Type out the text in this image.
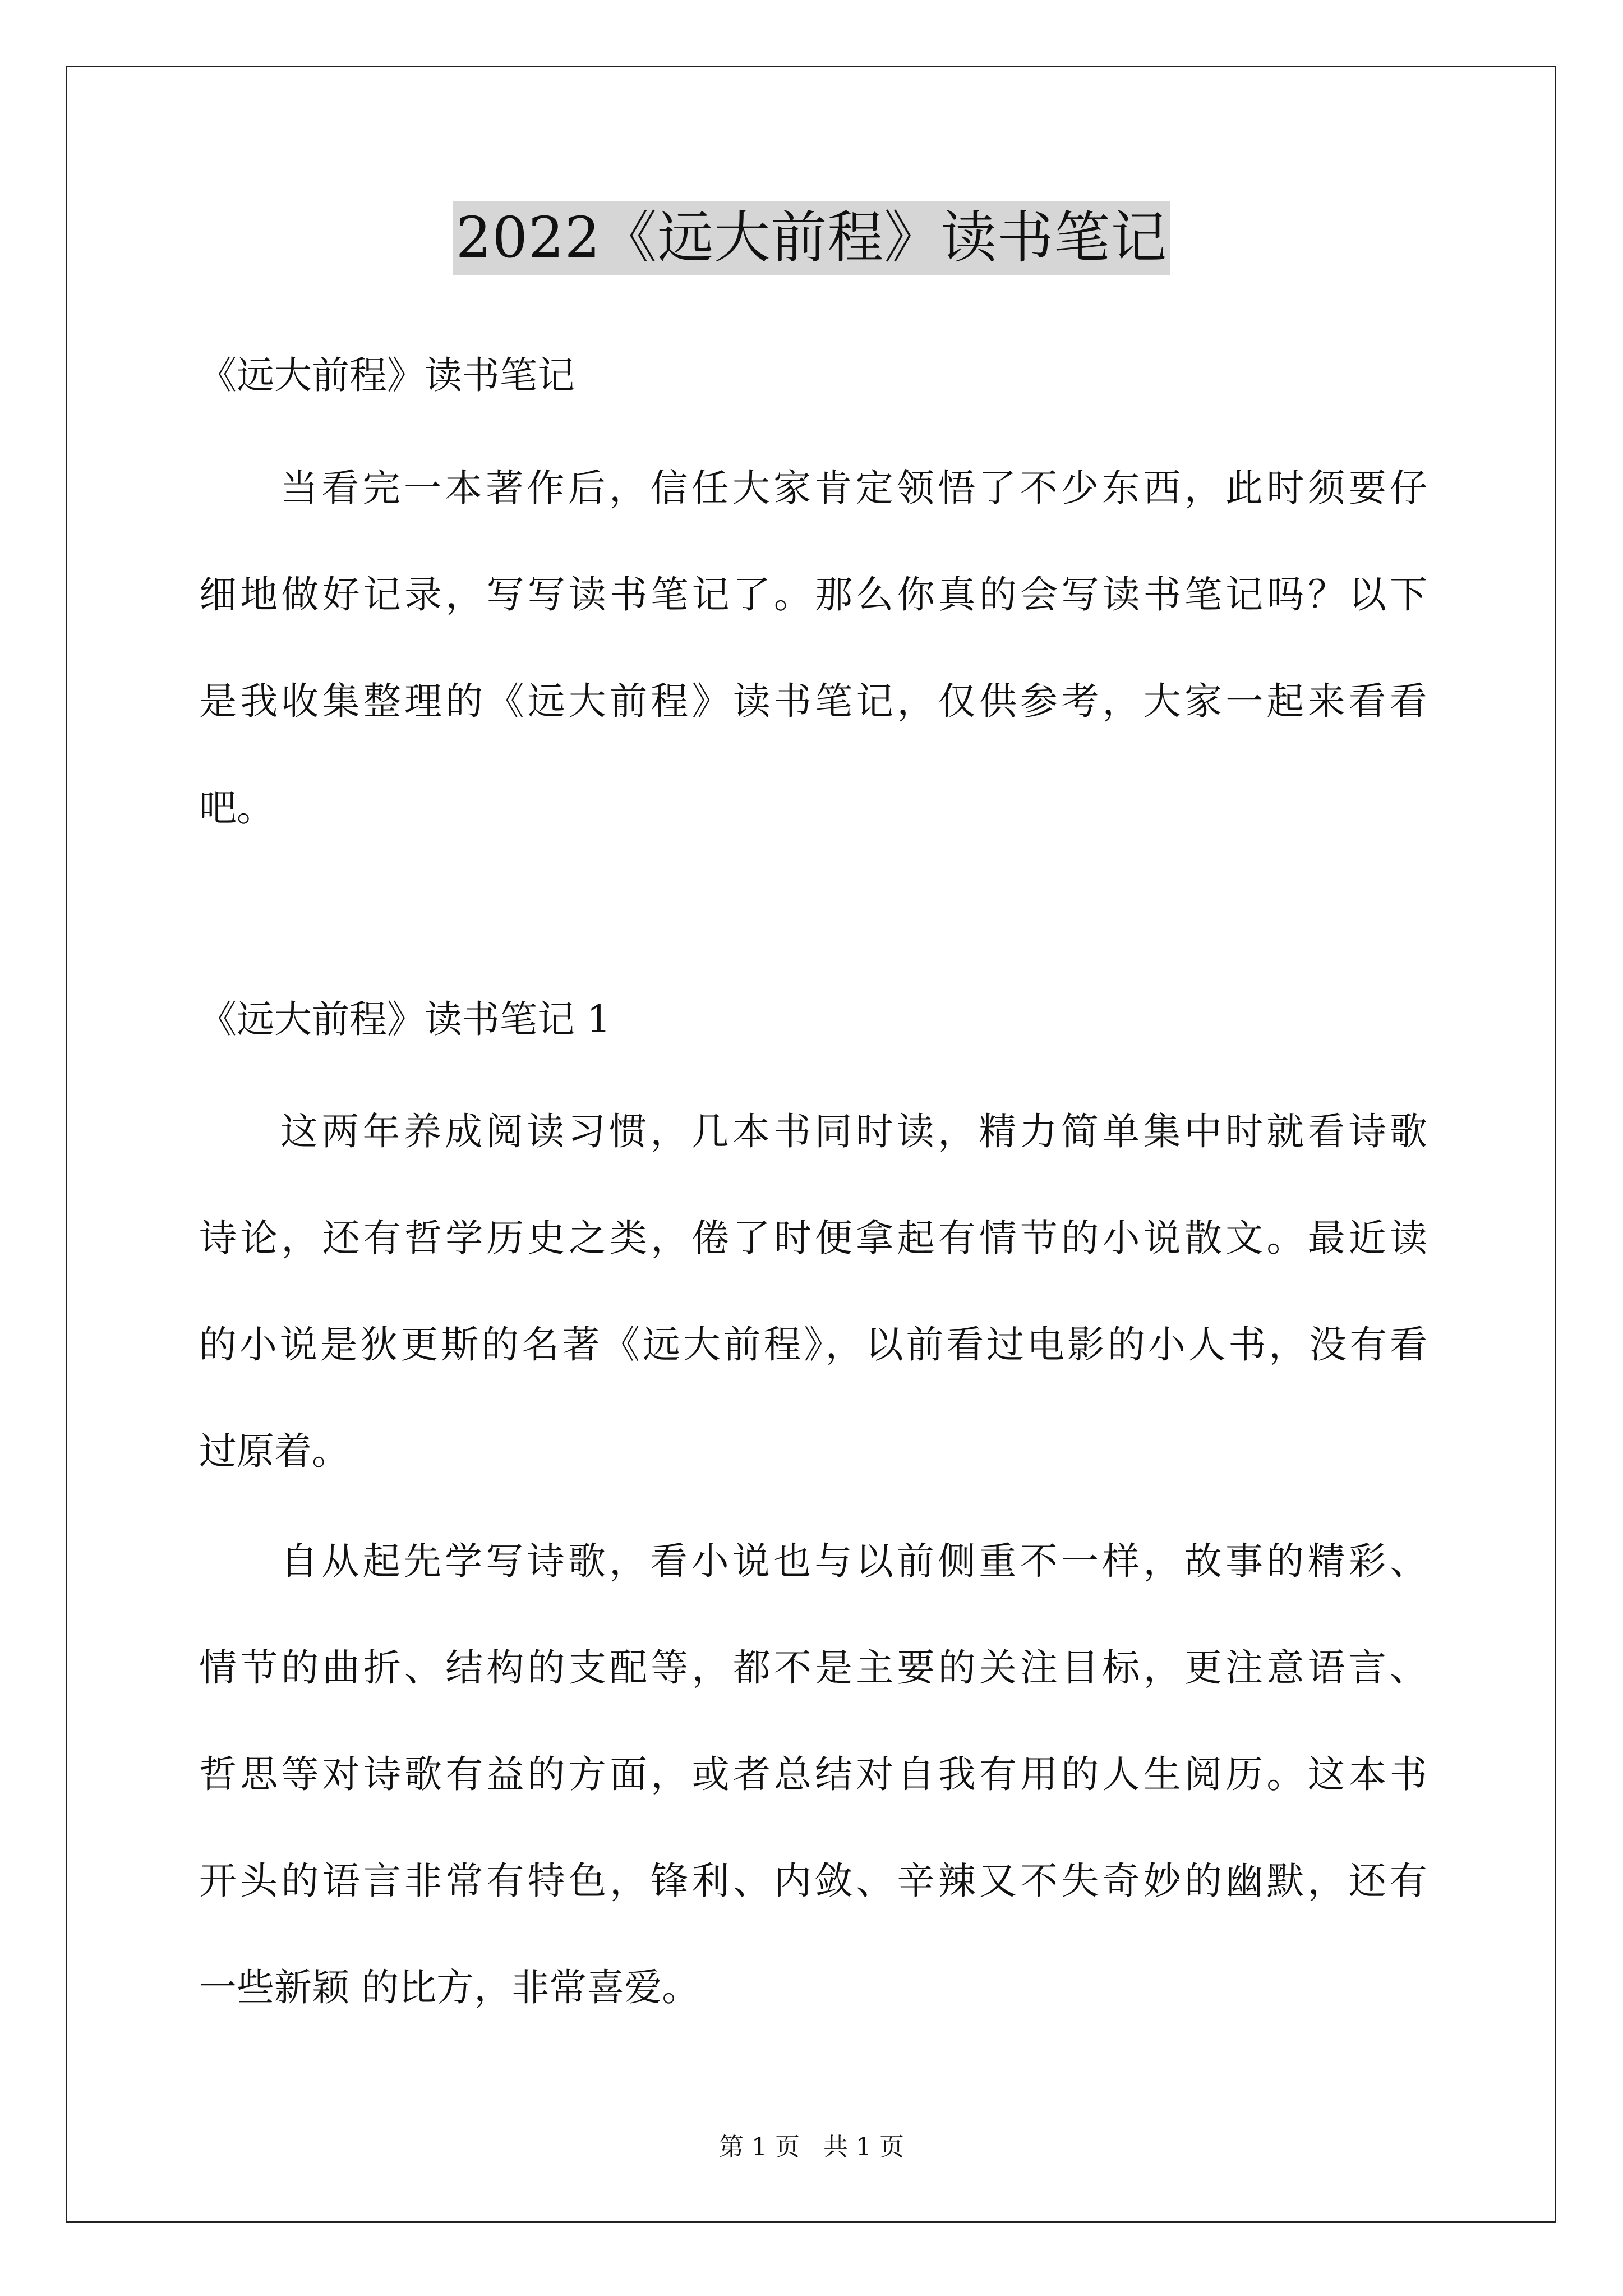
2022《远大前程》读书笔记
《远大前程》读书笔记
当看完一本著作后，信任大家肯定领悟了不少东西，此时须要仔
细地做好记录，写写读书笔记了。那么你真的会写读书笔记吗？以下
是我收集整理的《远大前程》读书笔记，仅供参考，大家一起来看看
吧。
《远大前程》读书笔记 1
这两年养成阅读习惯，几本书同时读，精力简单集中时就看诗歌
诗论，还有哲学历史之类，倦了时便拿起有情节的小说散文。最近读
的小说是狄更斯的名著《远大前程》，以前看过电影的小人书，没有看
过原着。
自从起先学写诗歌，看小说也与以前侧重不一样，故事的精彩、
情节的曲折、结构的支配等，都不是主要的关注目标，更注意语言、
哲思等对诗歌有益的方面，或者总结对自我有用的人生阅历。这本书
开头的语言非常有特色，锋利、内敛、辛辣又不失奇妙的幽默，还有
一些新颖 的比方，非常喜爱。
第 1 页 共 1 页
